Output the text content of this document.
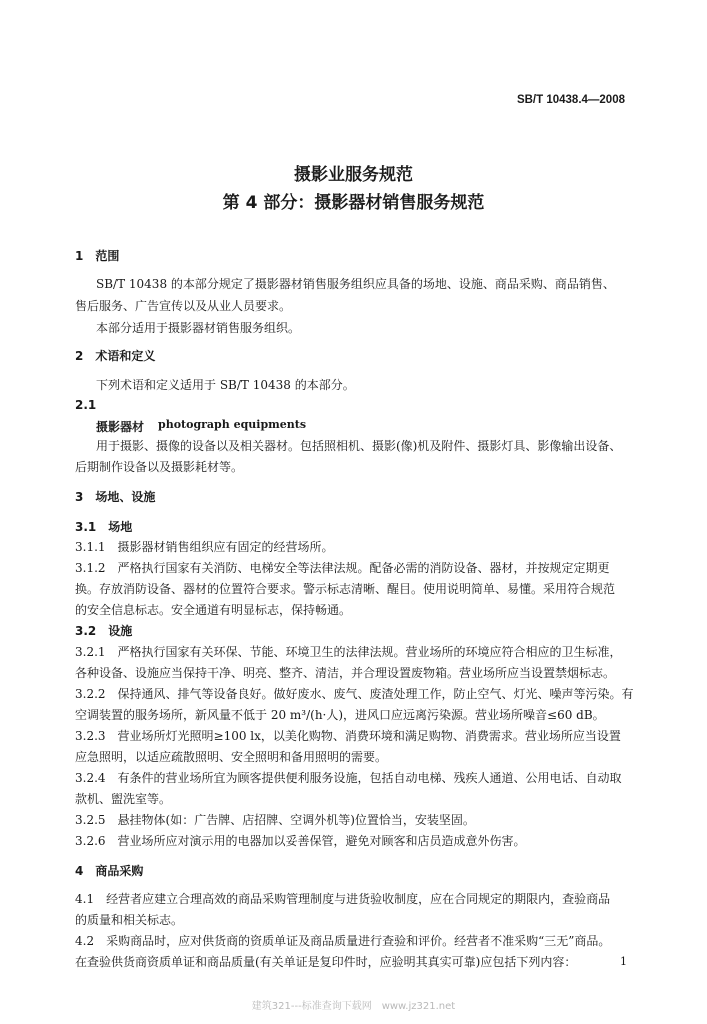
SB/T 10438.4—2008
摄影业服务规范
第 4 部分：摄影器材销售服务规范
1　范围
SB/T 10438 的本部分规定了摄影器材销售服务组织应具备的场地、设施、商品采购、商品销售、
售后服务、广告宣传以及从业人员要求。
本部分适用于摄影器材销售服务组织。
2　术语和定义
下列术语和定义适用于 SB/T 10438 的本部分。
2.1
摄影器材 photograph equipments
用于摄影、摄像的设备以及相关器材。包括照相机、摄影(像)机及附件、摄影灯具、影像输出设备、
后期制作设备以及摄影耗材等。
3　场地、设施
3.1　场地
3.1.1　摄影器材销售组织应有固定的经营场所。
3.1.2　严格执行国家有关消防、电梯安全等法律法规。配备必需的消防设备、器材，并按规定定期更
换。存放消防设备、器材的位置符合要求。警示标志清晰、醒目。使用说明简单、易懂。采用符合规范
的安全信息标志。安全通道有明显标志，保持畅通。
3.2　设施
3.2.1　严格执行国家有关环保、节能、环境卫生的法律法规。营业场所的环境应符合相应的卫生标准，
各种设备、设施应当保持干净、明亮、整齐、清洁，并合理设置废物箱。营业场所应当设置禁烟标志。
3.2.2　保持通风、排气等设备良好。做好废水、废气、废渣处理工作，防止空气、灯光、噪声等污染。有
空调装置的服务场所，新风量不低于 20 m³/(h·人)，进风口应远离污染源。营业场所噪音≤60 dB。
3.2.3　营业场所灯光照明≥100 lx，以美化购物、消费环境和满足购物、消费需求。营业场所应当设置
应急照明，以适应疏散照明、安全照明和备用照明的需要。
3.2.4　有条件的营业场所宜为顾客提供便利服务设施，包括自动电梯、残疾人通道、公用电话、自动取
款机、盥洗室等。
3.2.5　悬挂物体(如：广告牌、店招牌、空调外机等)位置恰当，安装坚固。
3.2.6　营业场所应对演示用的电器加以妥善保管，避免对顾客和店员造成意外伤害。
4　商品采购
4.1　经营者应建立合理高效的商品采购管理制度与进货验收制度，应在合同规定的期限内，查验商品
的质量和相关标志。
4.2　采购商品时，应对供货商的资质单证及商品质量进行查验和评价。经营者不准采购“三无”商品。
在查验供货商资质单证和商品质量(有关单证是复印件时，应验明其真实可靠)应包括下列内容：	1
建筑321---标准查询下载网　www.jz321.net
